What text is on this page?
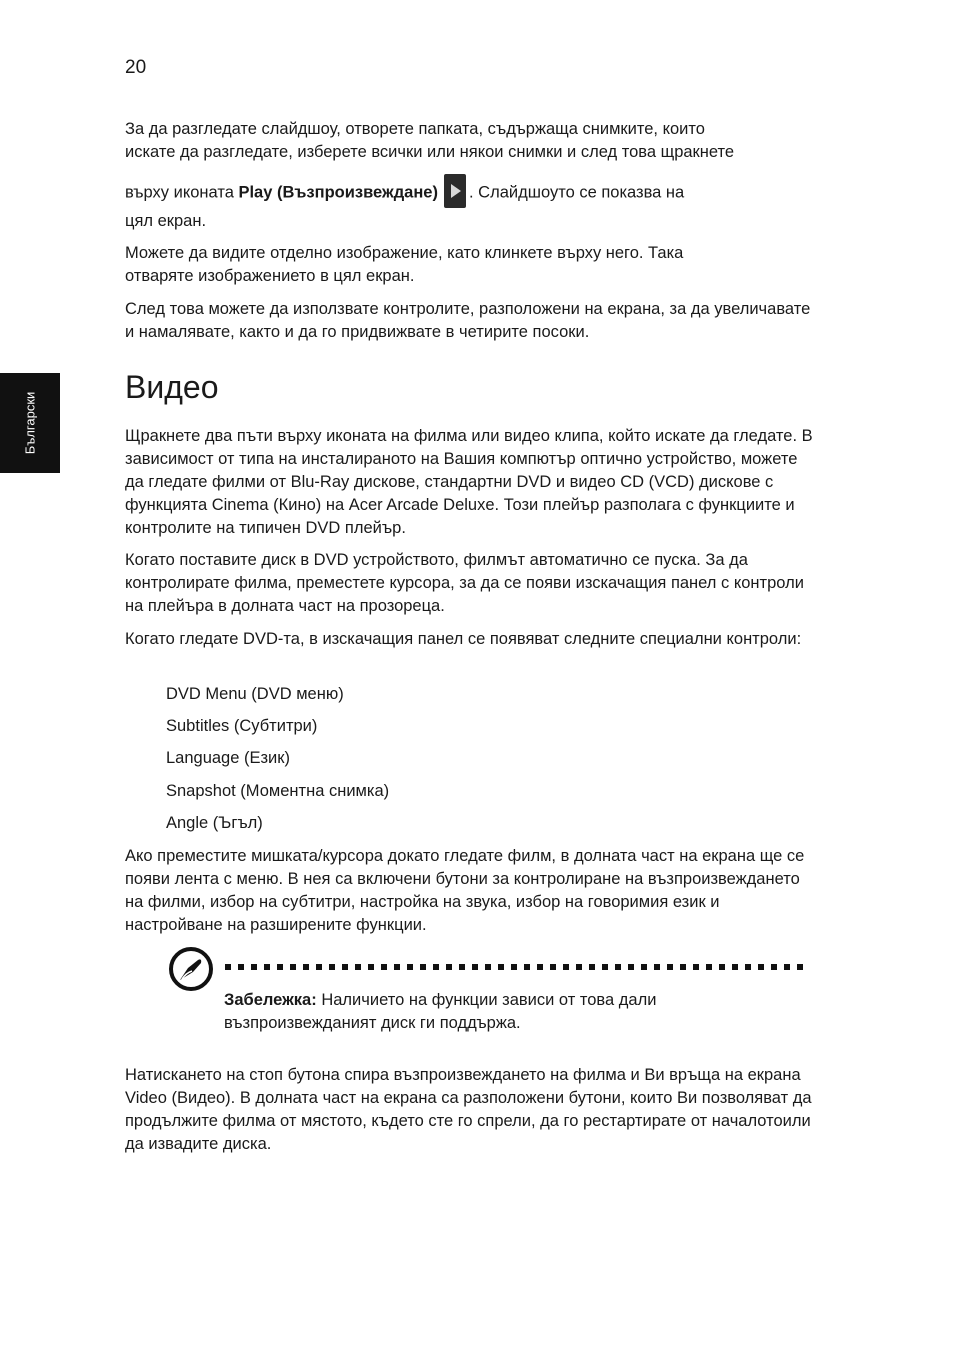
20
Български

За да разгледате слайдшоу, отворете папката, съдържаща снимките, които
искате да разгледате, изберете всички или някои снимки и след това щракнете

върху иконата Play (Възпроизвеждане) . Слайдшоуто се показва на

цял екран.

Можете да видите отделно изображение, като клинкете върху него. Така отваряте изображението в цял екран.

След това можете да използвате контролите, разположени на екрана, за да увеличавате и намалявате, както и да го придвижвате в четирите посоки.

Видео

Щракнете два пъти върху иконата на филма или видео клипа, който искате да гледате. В зависимост от типа на инсталираното на Вашия компютър оптично устройство, можете да гледате филми от Blu-Ray дискове, стандартни DVD и видео CD (VCD) дискове с функцията Cinema (Кино) на Acer Arcade Deluxe. Този плейър разполага с функциите и контролите на типичен DVD плейър.

Когато поставите диск в DVD устройството, филмът автоматично се пуска. За да контролирате филма, преместете курсора, за да се появи изскачащия панел с контроли на плейъра в долната част на прозореца.

Когато гледате DVD-та, в изскачащия панел се появяват следните специални контроли:

DVD Menu (DVD меню)
Subtitles (Субтитри)
Language (Език)
Snapshot (Моментна снимка)
Angle (Ъгъл)

Ако преместите мишката/курсора докато гледате филм, в долната част на екрана ще се появи лента с меню. В нея са включени бутони за контролиране на възпроизвеждането на филми, избор на субтитри, настройка на звука, избор на говоримия език и настройване на разширените функции.

Забележка: Наличието на функции зависи от това дали възпроизвежданият диск ги поддържа.

Натискането на стоп бутона спира възпроизвеждането на филма и Ви връща на екрана Video (Видео). В долната част на екрана са разположени бутони, които Ви позволяват да продължите филма от мястото, където сте го спрели, да го рестартирате от началотоили да извадите диска.
